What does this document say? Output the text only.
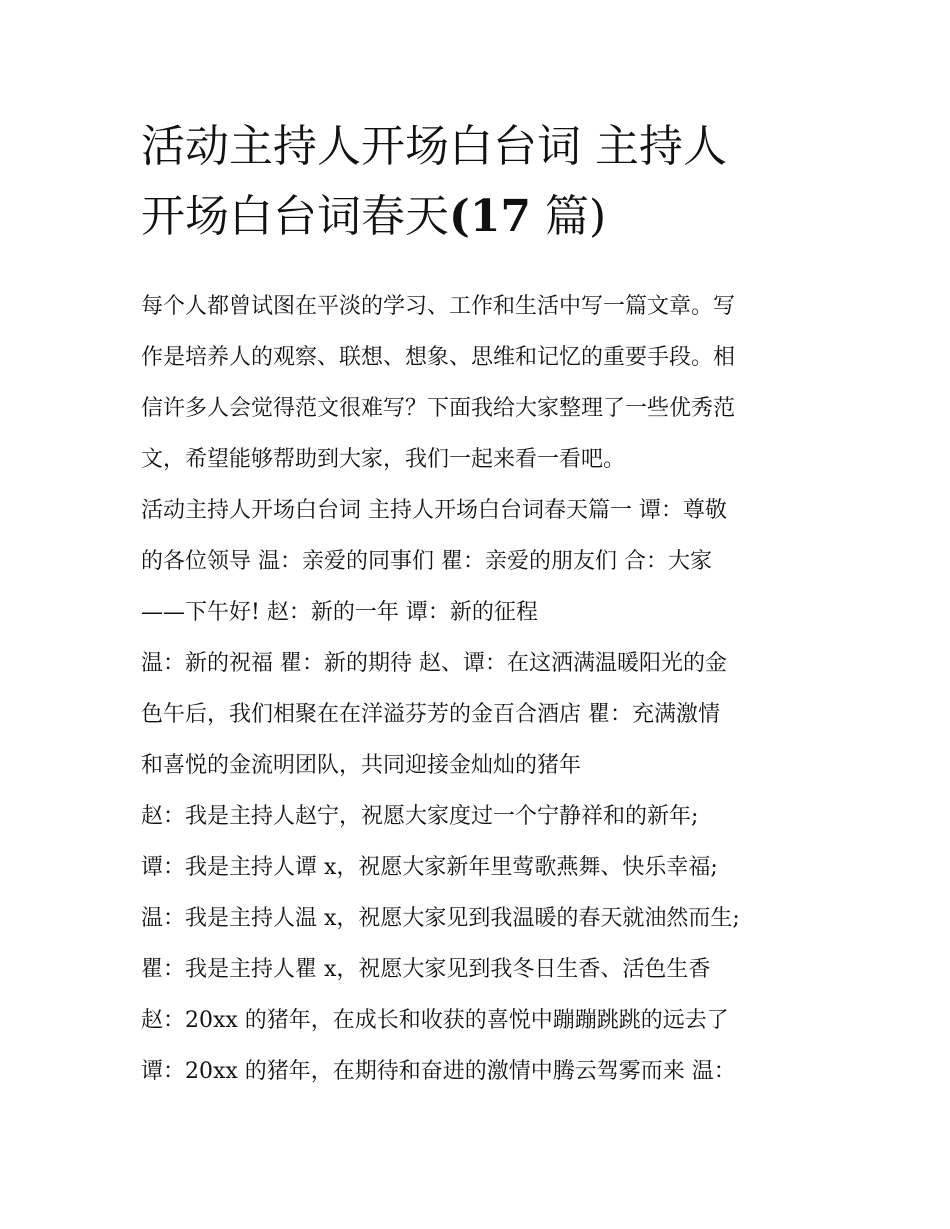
活动主持人开场白台词 主持人
开场白台词春天(17 篇)
每个人都曾试图在平淡的学习、工作和生活中写一篇文章。写
作是培养人的观察、联想、想象、思维和记忆的重要手段。相
信许多人会觉得范文很难写？下面我给大家整理了一些优秀范
文，希望能够帮助到大家，我们一起来看一看吧。
活动主持人开场白台词 主持人开场白台词春天篇一 谭：尊敬
的各位领导 温：亲爱的同事们 瞿：亲爱的朋友们 合：大家
——下午好! 赵：新的一年 谭：新的征程
温：新的祝福 瞿：新的期待 赵、谭：在这洒满温暖阳光的金
色午后，我们相聚在在洋溢芬芳的金百合酒店 瞿：充满激情
和喜悦的金流明团队，共同迎接金灿灿的猪年
赵：我是主持人赵宁，祝愿大家度过一个宁静祥和的新年;
谭：我是主持人谭 x，祝愿大家新年里莺歌燕舞、快乐幸福;
温：我是主持人温 x，祝愿大家见到我温暖的春天就油然而生;
瞿：我是主持人瞿 x，祝愿大家见到我冬日生香、活色生香
赵：20xx 的猪年，在成长和收获的喜悦中蹦蹦跳跳的远去了
谭：20xx 的猪年，在期待和奋进的激情中腾云驾雾而来 温：
